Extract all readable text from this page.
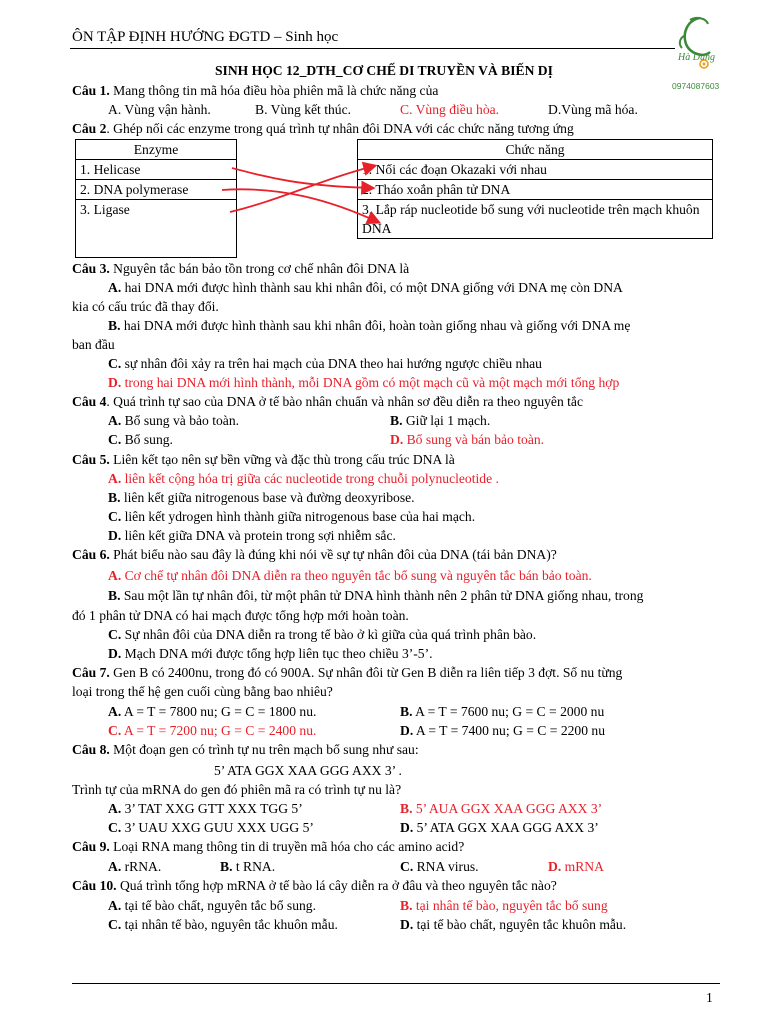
ÔN TẬP ĐỊNH HƯỚNG ĐGTD – Sinh học
Hà Dung
0974087603
SINH HỌC 12_DTH_CƠ CHẾ DI TRUYỀN VÀ BIẾN DỊ
Câu 1. Mang thông tin mã hóa điều hòa phiên mã là chức năng của
A. Vùng vận hành.	B. Vùng kết thúc.	C. Vùng điều hòa.	D.Vùng mã hóa.
Câu 2. Ghép nối các enzyme trong quá trình tự nhân đôi DNA với các chức năng tương ứng
Enzyme
1. Helicase
2. DNA polymerase
3. Ligase
Chức năng
1. Nối các đoạn Okazaki với nhau
2. Tháo xoắn phân tử DNA
3. Lắp ráp nucleotide bổ sung với nucleotide trên mạch khuôn DNA
Câu 3. Nguyên tắc bán bảo tồn trong cơ chế nhân đôi DNA là
A. hai DNA mới được hình thành sau khi nhân đôi, có một DNA giống với DNA mẹ còn DNA
kia có cấu trúc đã thay đổi.
B. hai DNA mới được hình thành sau khi nhân đôi, hoàn toàn giống nhau và giống với DNA mẹ
ban đầu
C. sự nhân đôi xảy ra trên hai mạch của DNA theo hai hướng ngược chiều nhau
D. trong hai DNA mới hình thành, mỗi DNA gồm có một mạch cũ và một mạch mới tổng hợp
Câu 4. Quá trình tự sao của DNA ở tế bào nhân chuẩn và nhân sơ đều diễn ra theo nguyên tắc
A. Bổ sung và bảo toàn.	B. Giữ lại 1 mạch.
C. Bổ sung.	D. Bổ sung và bán bảo toàn.
Câu 5. Liên kết tạo nên sự bền vững và đặc thù trong cấu trúc DNA là
A. liên kết cộng hóa trị giữa các nucleotide trong chuỗi polynucleotide .
B. liên kết giữa nitrogenous base và đường deoxyribose.
C. liên kết ydrogen hình thành giữa nitrogenous base của hai mạch.
D. liên kết giữa DNA và protein trong sợi nhiễm sắc.
Câu 6. Phát biểu nào sau đây là đúng khi nói về sự tự nhân đôi của DNA (tái bản DNA)?
A. Cơ chế tự nhân đôi DNA diễn ra theo nguyên tắc bổ sung và nguyên tắc bán bảo toàn.
B. Sau một lần tự nhân đôi, từ một phân tử DNA hình thành nên 2 phân tử DNA giống nhau, trong
đó 1 phân tử DNA có hai mạch được tổng hợp mới hoàn toàn.
C. Sự nhân đôi của DNA diễn ra trong tế bào ở kì giữa của quá trình phân bào.
D. Mạch DNA mới được tổng hợp liên tục theo chiều 3’-5’.
Câu 7. Gen B có 2400nu, trong đó có 900A. Sự nhân đôi từ Gen B diễn ra liên tiếp 3 đợt. Số nu từng
loại trong thế hệ gen cuối cùng bằng bao nhiêu?
A. A = T = 7800 nu; G = C = 1800 nu.	B. A = T = 7600 nu; G = C = 2000 nu
C. A = T = 7200 nu; G = C = 2400 nu.	D. A = T = 7400 nu; G = C = 2200 nu
Câu 8. Một đoạn gen có trình tự nu trên mạch bổ sung như sau:
5’ ATA GGX XAA GGG AXX 3’ .
Trình tự của mRNA do gen đó phiên mã ra có trình tự nu là?
A. 3’ TAT XXG GTT XXX TGG 5’	B. 5’ AUA GGX XAA GGG AXX 3’
C. 3’ UAU XXG GUU XXX UGG 5’	D. 5’ ATA GGX XAA GGG AXX 3’
Câu 9. Loại RNA mang thông tin di truyền mã hóa cho các amino acid?
A. rRNA.	B. t RNA.	C. RNA virus.	D. mRNA
Câu 10. Quá trình tổng hợp mRNA ở tế bào lá cây diễn ra ở đâu và theo nguyên tắc nào?
A. tại tế bào chất, nguyên tắc bổ sung.	B. tại nhân tế bào, nguyên tắc bổ sung
C. tại nhân tế bào, nguyên tắc khuôn mẫu.	D. tại tế bào chất, nguyên tắc khuôn mẫu.
1
